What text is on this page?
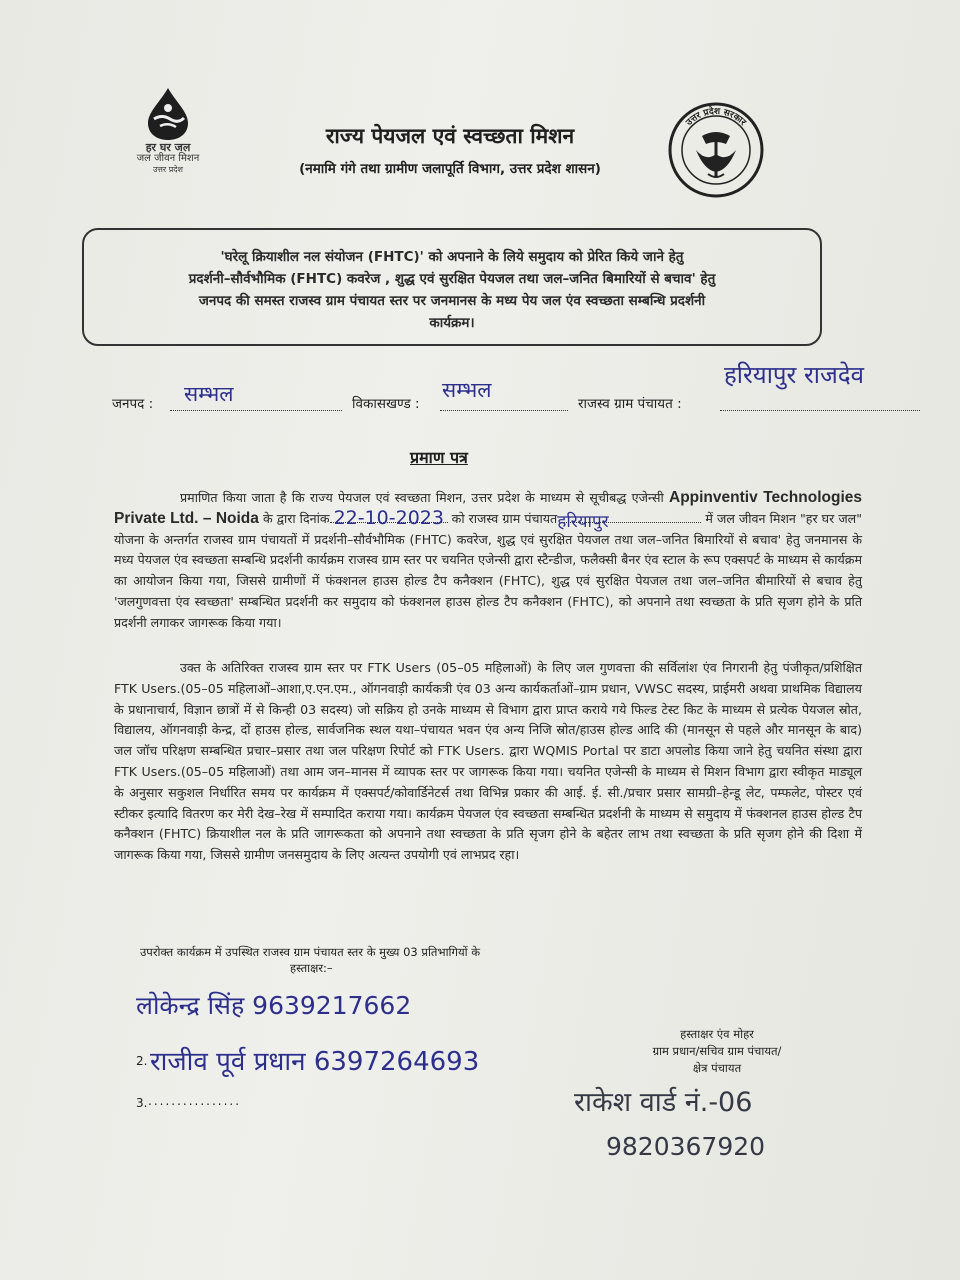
हर घर जल
जल जीवन मिशन
उत्तर प्रदेश
राज्य पेयजल एवं स्वच्छता मिशन
(नमामि गंगे तथा ग्रामीण जलापूर्ति विभाग, उत्तर प्रदेश शासन)
उत्तर प्रदेश सरकार
'घरेलू क्रियाशील नल संयोजन (FHTC)' को अपनाने के लिये समुदाय को प्रेरित किये जाने हेतु
प्रदर्शनी–सौर्वभौमिक (FHTC) कवरेज , शुद्ध एवं सुरक्षित पेयजल तथा जल–जनित बिमारियों से बचाव' हेतु
जनपद की समस्त राजस्व ग्राम पंचायत स्तर पर जनमानस के मध्य पेय जल एंव स्वच्छता सम्बन्धि प्रदर्शनी
कार्यक्रम।
जनपद : सम्भल	विकासखण्ड :
सम्भल
राजस्व ग्राम पंचायत :
हरियापुर राजदेव
प्रमाण पत्र
प्रमाणित किया जाता है कि राज्य पेयजल एवं स्वच्छता मिशन, उत्तर प्रदेश के माध्यम से सूचीबद्ध एजेन्सी Appinventiv Technologies Private Ltd. – Noida के द्वारा दिनांक 22-10-2023 को राजस्व ग्राम पंचायत हरियापुर	में जल जीवन मिशन "हर घर जल" योजना के अन्तर्गत राजस्व ग्राम पंचायतों में प्रदर्शनी–सौर्वभौमिक (FHTC) कवरेज, शुद्ध एवं सुरक्षित पेयजल तथा जल–जनित बिमारियों से बचाव' हेतु जनमानस के मध्य पेयजल एंव स्वच्छता सम्बन्धि प्रदर्शनी कार्यक्रम राजस्व ग्राम स्तर पर चयनित एजेन्सी द्वारा स्टैन्डीज, फलैक्सी बैनर एंव स्टाल के रूप एक्सपर्ट के माध्यम से कार्यक्रम का आयोजन किया गया, जिससे ग्रामीणों में फंक्शनल हाउस होल्ड टैप कनैक्शन (FHTC), शुद्ध एवं सुरक्षित पेयजल तथा जल–जनित बीमारियों से बचाव हेतु 'जलगुणवत्ता एंव स्वच्छता' सम्बन्धित प्रदर्शनी कर समुदाय को फंक्शनल हाउस होल्ड टैप कनैक्शन (FHTC), को अपनाने तथा स्वच्छता के प्रति सृजग होने के प्रति प्रदर्शनी लगाकर जागरूक किया गया।
उक्त के अतिरिक्त राजस्व ग्राम स्तर पर FTK Users (05–05 महिलाओं) के लिए जल गुणवत्ता की सर्विलांश एंव निगरानी हेतु पंजीकृत/प्रशिक्षित FTK Users.(05–05 महिलाओं–आशा,ए.एन.एम., ऑगनवाड़ी कार्यकत्री एंव 03 अन्य कार्यकर्ताओं–ग्राम प्रधान, VWSC सदस्य, प्राईमरी अथवा प्राथमिक विद्यालय के प्रधानाचार्य, विज्ञान छात्रों में से किन्ही 03 सदस्य) जो सक्रिय हो उनके माध्यम से विभाग द्वारा प्राप्त कराये गये फिल्ड टेस्ट किट के माध्यम से प्रत्येक पेयजल स्रोत, विद्यालय, ऑगनवाड़ी केन्द्र, दों हाउस होल्ड, सार्वजनिक स्थल यथा–पंचायत भवन एंव अन्य निजि स्रोत/हाउस होल्ड आदि की (मानसून से पहले और मानसून के बाद) जल जॉच परिक्षण सम्बन्धित प्रचार–प्रसार तथा जल परिक्षण रिपोर्ट को FTK Users. द्वारा WQMIS Portal पर डाटा अपलोड किया जाने हेतु चयनित संस्था द्वारा FTK Users.(05–05 महिलाओं) तथा आम जन–मानस में व्यापक स्तर पर जागरूक किया गया। चयनित एजेन्सी के माध्यम से मिशन विभाग द्वारा स्वीकृत माड्यूल के अनुसार सकुशल निर्धारित समय पर कार्यक्रम में एक्सपर्ट/कोवार्डिनेटर्स तथा विभिन्न प्रकार की आई. ई. सी./प्रचार प्रसार सामग्री–हेन्डू लेट, पम्फलेट, पोस्टर एवं स्टीकर इत्यादि वितरण कर मेरी देख–रेख में सम्पादित कराया गया। कार्यक्रम पेयजल एंव स्वच्छता सम्बन्धित प्रदर्शनी के माध्यम से समुदाय में फंक्शनल हाउस होल्ड टैप कनैक्शन (FHTC) क्रियाशील नल के प्रति जागरूकता को अपनाने तथा स्वच्छता के प्रति सृजग होने के बहेतर लाभ तथा स्वच्छता के प्रति सृजग होने की दिशा में जागरूक किया गया, जिससे ग्रामीण जनसमुदाय के लिए अत्यन्त उपयोगी एवं लाभप्रद रहा।
उपरोक्त कार्यक्रम में उपस्थित राजस्व ग्राम पंचायत स्तर के मुख्य 03 प्रतिभागियों के
हस्ताक्षर:–
लोकेन्द्र सिंह 9639217662
2. राजीव पूर्व प्रधान 6397264693
3. ................
हस्ताक्षर एंव मोहर
ग्राम प्रधान/सचिव ग्राम पंचायत/
क्षेत्र पंचायत
राकेश वार्ड नं.-06
9820367920
